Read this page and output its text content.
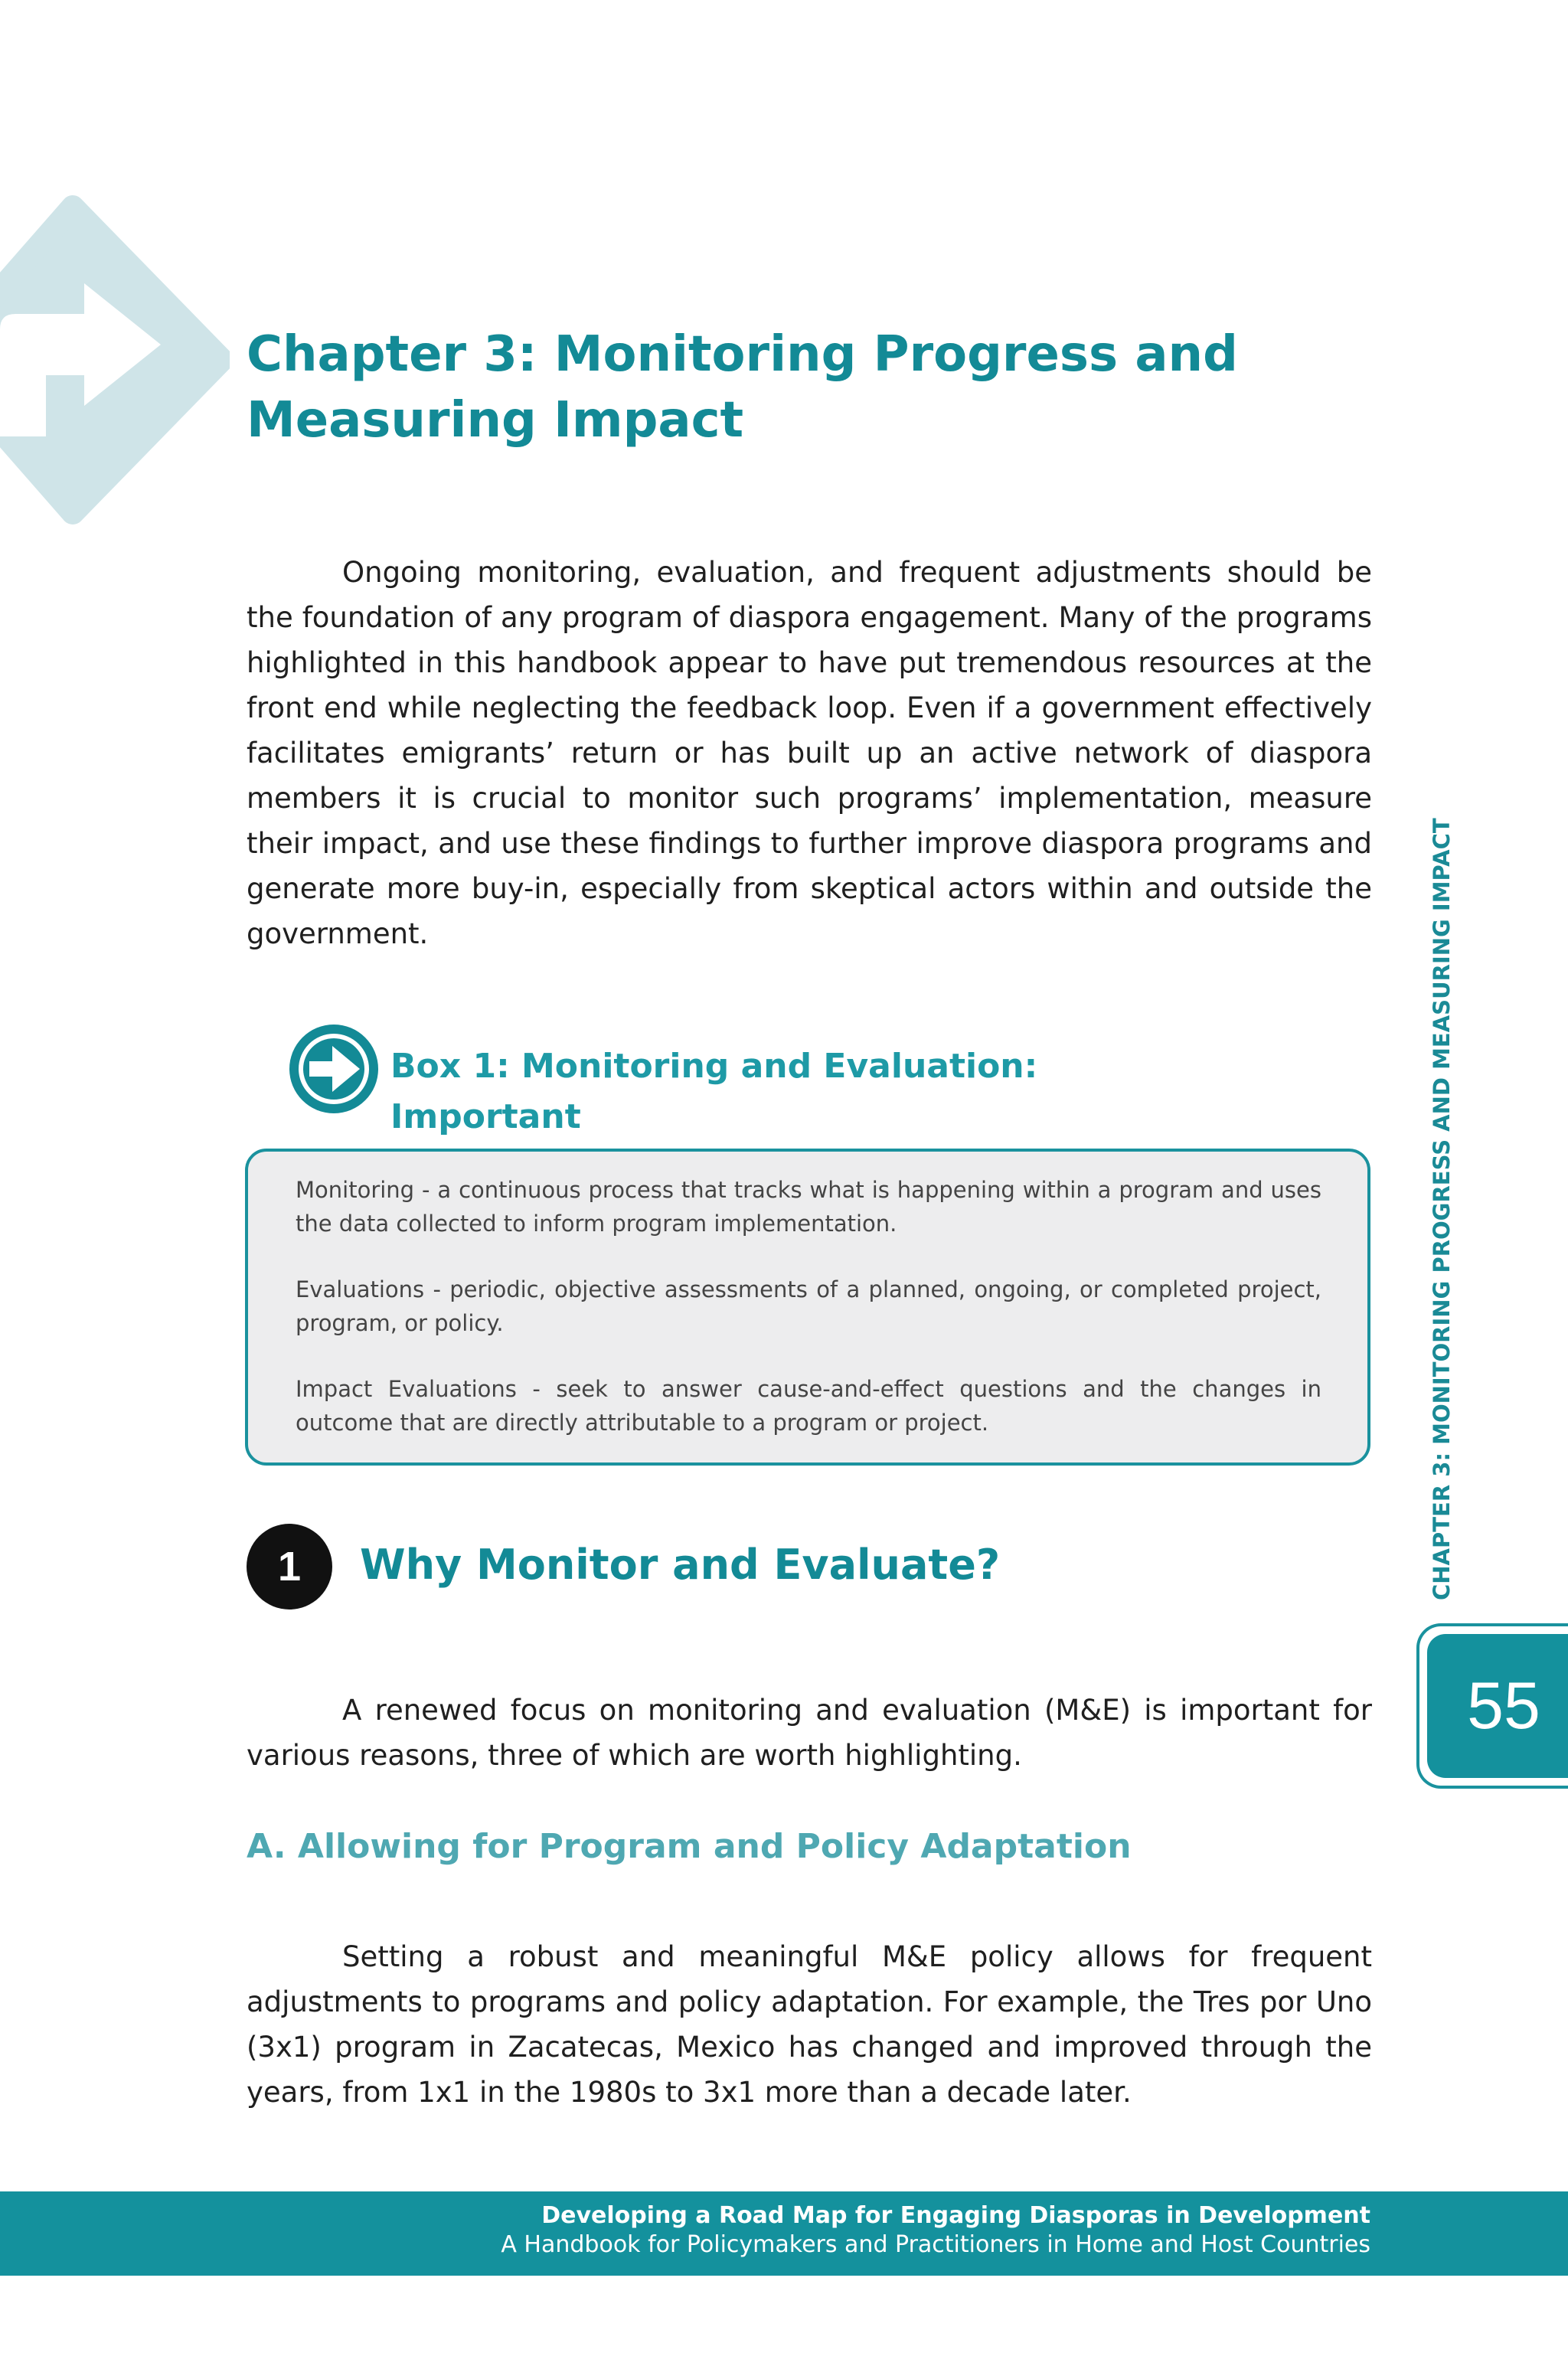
Chapter 3: Monitoring Progress and
Measuring Impact

Ongoing monitoring, evaluation, and frequent adjustments should be the foundation of any program of diaspora engagement. Many of the programs highlighted in this handbook appear to have put tremendous resources at the front end while neglecting the feedback loop. Even if a government effectively facilitates emigrants’ return or has built up an active network of diaspora members it is crucial to monitor such programs’ implementation, measure their impact, and use these findings to further improve diaspora programs and generate more buy-in, especially from skeptical actors within and outside the government.

Box 1: Monitoring and Evaluation: Important

Monitoring - a continuous process that tracks what is happening within a program and uses the data collected to inform program implementation.

Evaluations - periodic, objective assessments of a planned, ongoing, or completed project, program, or policy.

Impact Evaluations - seek to answer cause-and-effect questions and the changes in outcome that are directly attributable to a program or project.

1	Why Monitor and Evaluate?

A renewed focus on monitoring and evaluation (M&E) is important for various reasons, three of which are worth highlighting.

A. Allowing for Program and Policy Adaptation

Setting a robust and meaningful M&E policy allows for frequent adjustments to programs and policy adaptation. For example, the Tres por Uno (3x1) program in Zacatecas, Mexico has changed and improved through the years, from 1x1 in the 1980s to 3x1 more than a decade later.

CHAPTER 3: MONITORING PROGRESS AND MEASURING IMPACT

55

Developing a Road Map for Engaging Diasporas in Development

A Handbook for Policymakers and Practitioners in Home and Host Countries
